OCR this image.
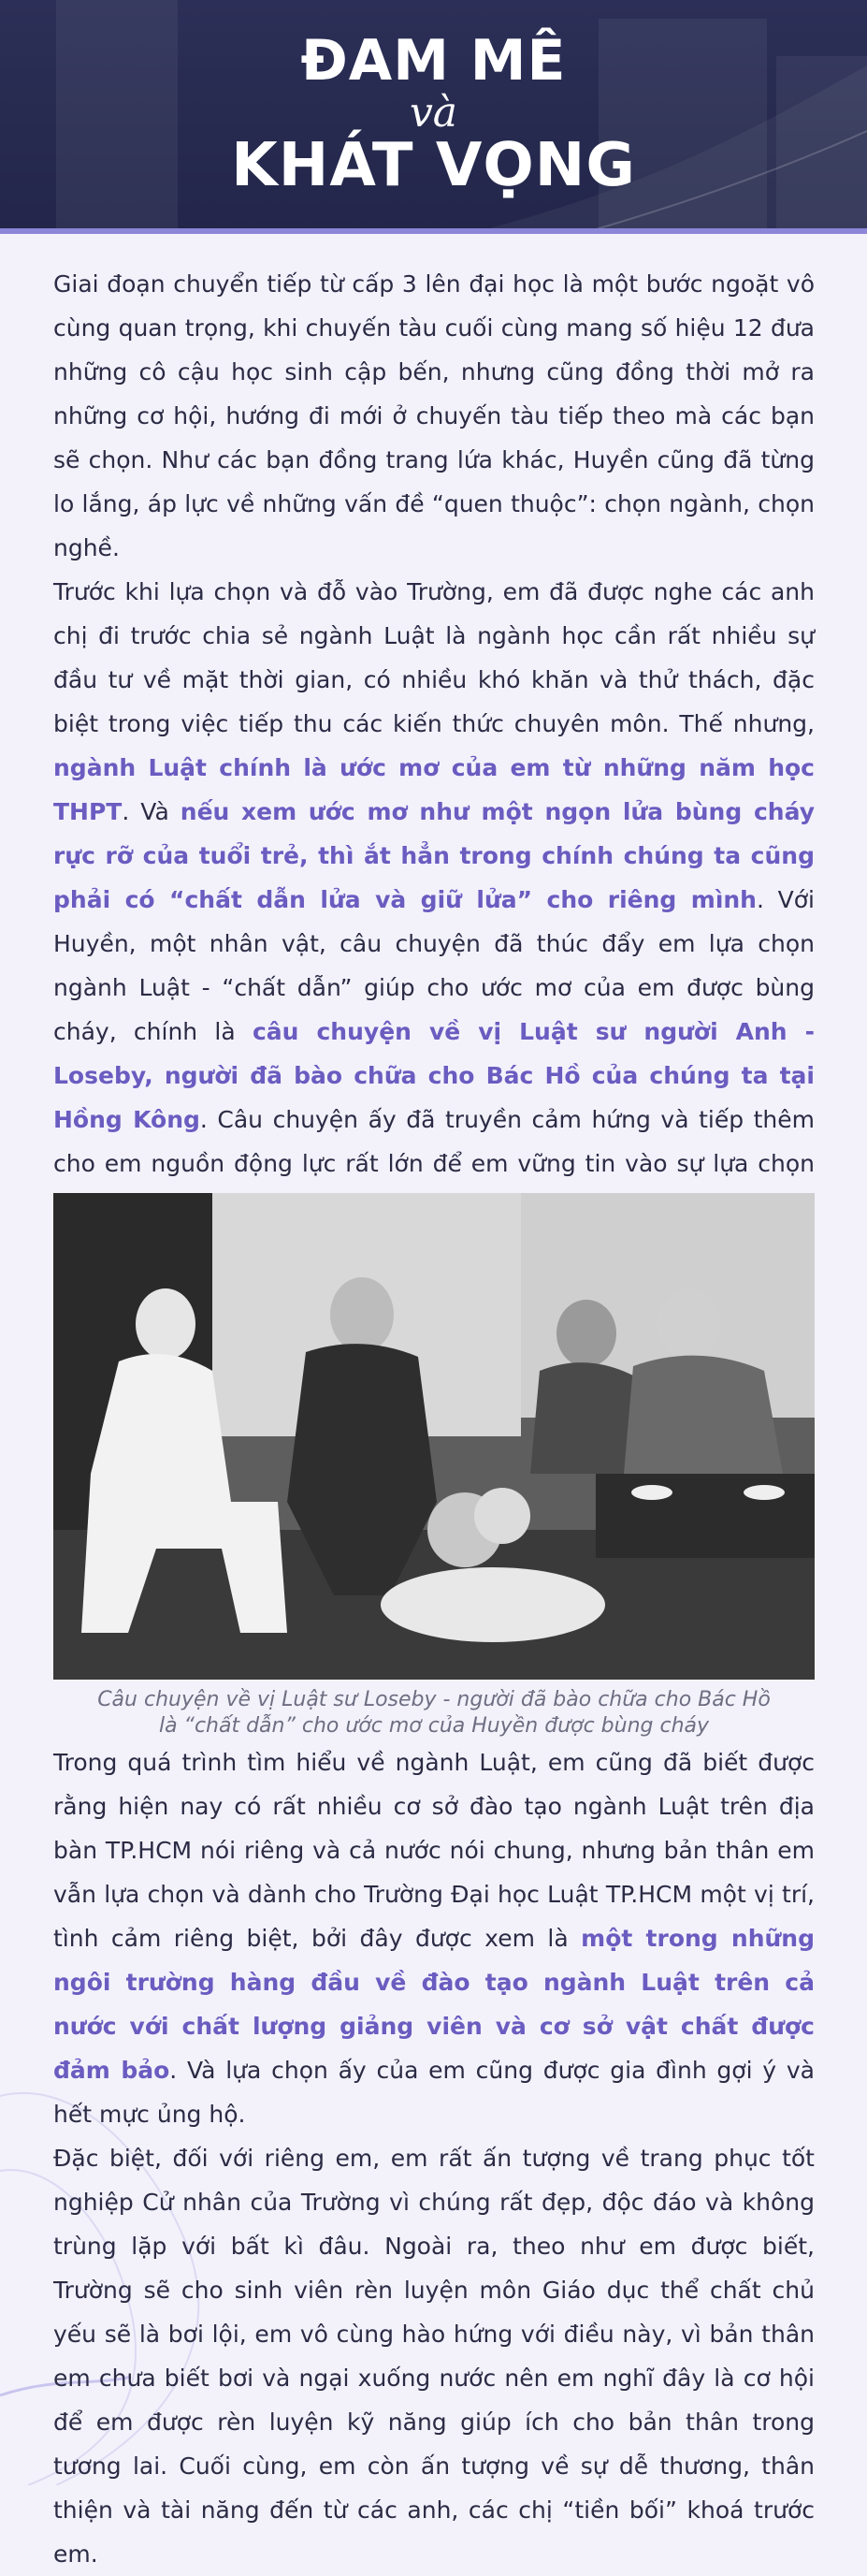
ĐAM MÊ
và
KHÁT VỌNG

Giai đoạn chuyển tiếp từ cấp 3 lên đại học là một bước ngoặt vô cùng quan trọng, khi chuyến tàu cuối cùng mang số hiệu 12 đưa những cô cậu học sinh cập bến, nhưng cũng đồng thời mở ra những cơ hội, hướng đi mới ở chuyến tàu tiếp theo mà các bạn sẽ chọn. Như các bạn đồng trang lứa khác, Huyền cũng đã từng lo lắng, áp lực về những vấn đề “quen thuộc”: chọn ngành, chọn nghề.

Trước khi lựa chọn và đỗ vào Trường, em đã được nghe các anh chị đi trước chia sẻ ngành Luật là ngành học cần rất nhiều sự đầu tư về mặt thời gian, có nhiều khó khăn và thử thách, đặc biệt trong việc tiếp thu các kiến thức chuyên môn. Thế nhưng, ngành Luật chính là ước mơ của em từ những năm học THPT. Và nếu xem ước mơ như một ngọn lửa bùng cháy rực rỡ của tuổi trẻ, thì ắt hẳn trong chính chúng ta cũng phải có “chất dẫn lửa và giữ lửa” cho riêng mình. Với Huyền, một nhân vật, câu chuyện đã thúc đẩy em lựa chọn ngành Luật - “chất dẫn” giúp cho ước mơ của em được bùng cháy, chính là câu chuyện về vị Luật sư người Anh - Loseby, người đã bào chữa cho Bác Hồ của chúng ta tại Hồng Kông. Câu chuyện ấy đã truyền cảm hứng và tiếp thêm cho em nguồn động lực rất lớn để em vững tin vào sự lựa chọn

Câu chuyện về vị Luật sư Loseby - người đã bào chữa cho Bác Hồ
là “chất dẫn” cho ước mơ của Huyền được bùng cháy

Trong quá trình tìm hiểu về ngành Luật, em cũng đã biết được rằng hiện nay có rất nhiều cơ sở đào tạo ngành Luật trên địa bàn TP.HCM nói riêng và cả nước nói chung, nhưng bản thân em vẫn lựa chọn và dành cho Trường Đại học Luật TP.HCM một vị trí, tình cảm riêng biệt, bởi đây được xem là một trong những ngôi trường hàng đầu về đào tạo ngành Luật trên cả nước với chất lượng giảng viên và cơ sở vật chất được đảm bảo. Và lựa chọn ấy của em cũng được gia đình gợi ý và hết mực ủng hộ.

Đặc biệt, đối với riêng em, em rất ấn tượng về trang phục tốt nghiệp Cử nhân của Trường vì chúng rất đẹp, độc đáo và không trùng lặp với bất kì đâu. Ngoài ra, theo như em được biết, Trường sẽ cho sinh viên rèn luyện môn Giáo dục thể chất chủ yếu sẽ là bơi lội, em vô cùng hào hứng với điều này, vì bản thân em chưa biết bơi và ngại xuống nước nên em nghĩ đây là cơ hội để em được rèn luyện kỹ năng giúp ích cho bản thân trong tương lai. Cuối cùng, em còn ấn tượng về sự dễ thương, thân thiện và tài năng đến từ các anh, các chị “tiền bối” khoá trước em.
